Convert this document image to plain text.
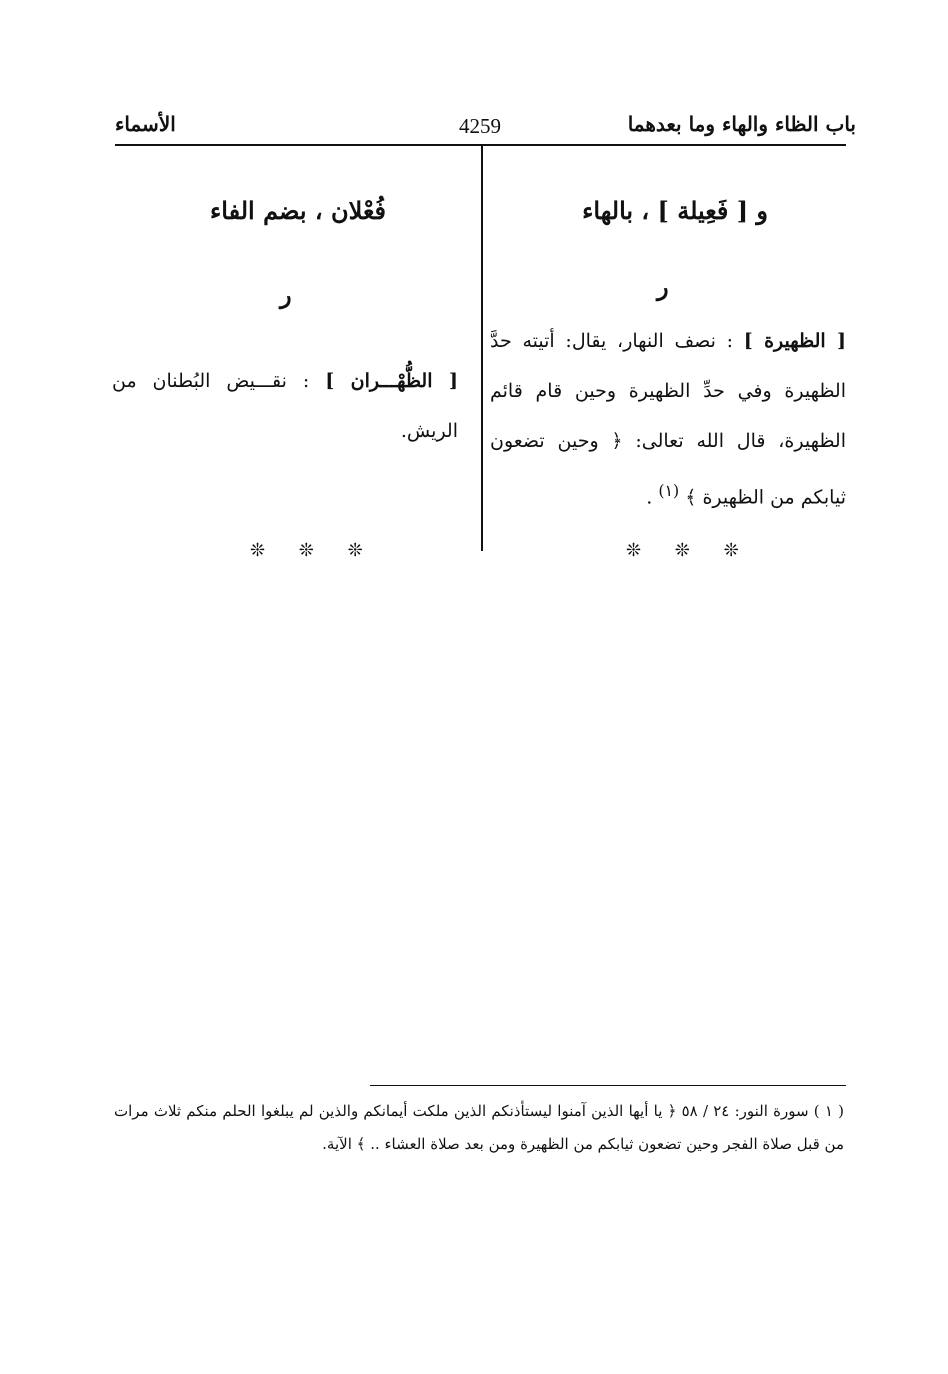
باب الظاء والهاء وما بعدهما
4259
الأسماء
و [ فَعِيلة ] ، بالهاء
ر
[ الظهيرة ] : نصف النهار، يقال: أتيته حدَّ الظهيرة وفي حدِّ الظهيرة وحين قام قائم الظهيرة، قال الله تعالى: ﴿ وحين تضعون ثيابكم من الظهيرة ﴾ $^{(١)}$ .
❊ ❊ ❊
فُعْلان ، بضم الفاء
ر
[ الظُّهْـــران ] : نقـــيض البُطنان من الريش.
❊ ❊ ❊
( ١ ) سورة النور: ٢٤ / ٥٨ ﴿ يا أيها الذين آمنوا ليستأذنكم الذين ملكت أيمانكم والذين لم يبلغوا الحلم منكم ثلاث مرات من قبل صلاة الفجر وحين تضعون ثيابكم من الظهيرة ومن بعد صلاة العشاء .. ﴾ الآية.
